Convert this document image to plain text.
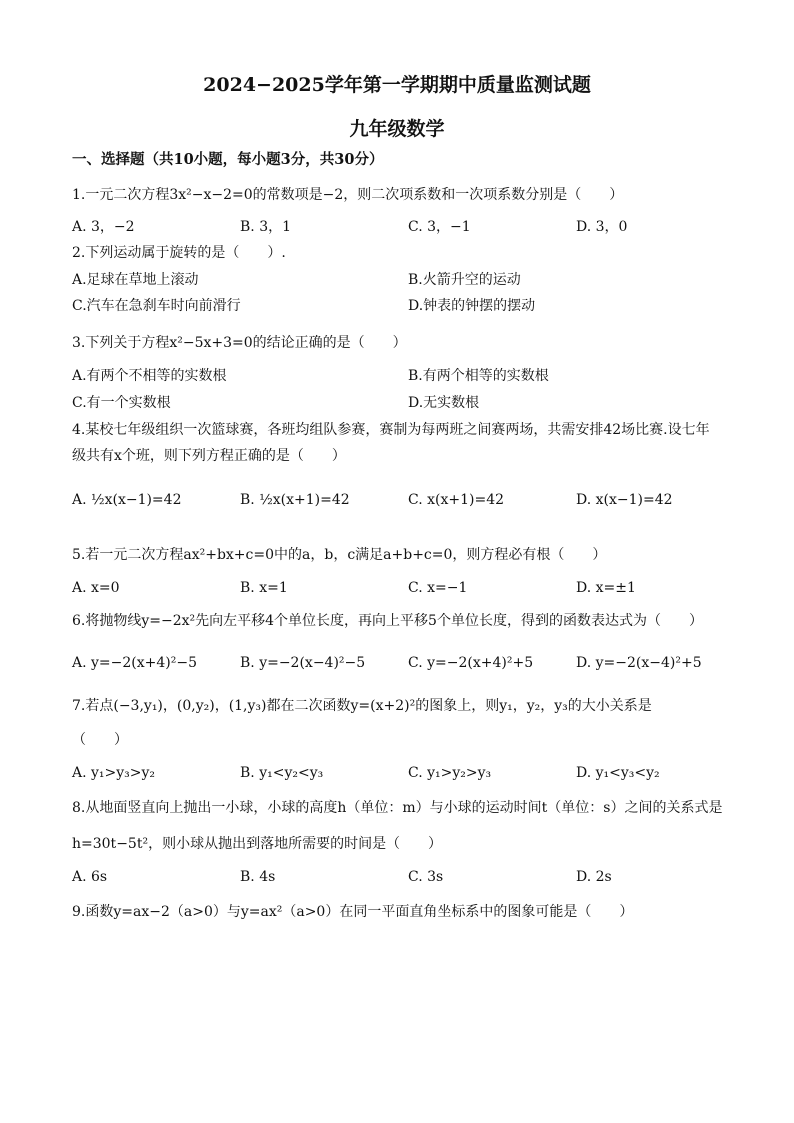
2024−2025学年第一学期期中质量监测试题
九年级数学
一、选择题（共10小题，每小题3分，共30分）
1.一元二次方程3x²−x−2=0的常数项是−2，则二次项系数和一次项系数分别是（　　）
A. 3，−2	B. 3，1	C. 3，−1	D. 3，0
2.下列运动属于旋转的是（　　）.
A.足球在草地上滚动	B.火箭升空的运动
C.汽车在急刹车时向前滑行	D.钟表的钟摆的摆动
3.下列关于方程x²−5x+3=0的结论正确的是（　　）
A.有两个不相等的实数根	B.有两个相等的实数根
C.有一个实数根	D.无实数根
4.某校七年级组织一次篮球赛，各班均组队参赛，赛制为每两班之间赛两场，共需安排42场比赛.设七年
级共有x个班，则下列方程正确的是（　　）
A. ½x(x−1)=42	B. ½x(x+1)=42	C. x(x+1)=42	D. x(x−1)=42
5.若一元二次方程ax²+bx+c=0中的a，b，c满足a+b+c=0，则方程必有根（　　）
A. x=0	B. x=1	C. x=−1	D. x=±1
6.将抛物线y=−2x²先向左平移4个单位长度，再向上平移5个单位长度，得到的函数表达式为（　　）
A. y=−2(x+4)²−5	B. y=−2(x−4)²−5	C. y=−2(x+4)²+5	D. y=−2(x−4)²+5
7.若点(−3,y₁)，(0,y₂)，(1,y₃)都在二次函数y=(x+2)²的图象上，则y₁，y₂，y₃的大小关系是
（　　）
A. y₁>y₃>y₂	B. y₁<y₂<y₃	C. y₁>y₂>y₃	D. y₁<y₃<y₂
8.从地面竖直向上抛出一小球，小球的高度h（单位：m）与小球的运动时间t（单位：s）之间的关系式是
h=30t−5t²，则小球从抛出到落地所需要的时间是（　　）
A. 6s	B. 4s	C. 3s	D. 2s
9.函数y=ax−2（a>0）与y=ax²（a>0）在同一平面直角坐标系中的图象可能是（　　）
